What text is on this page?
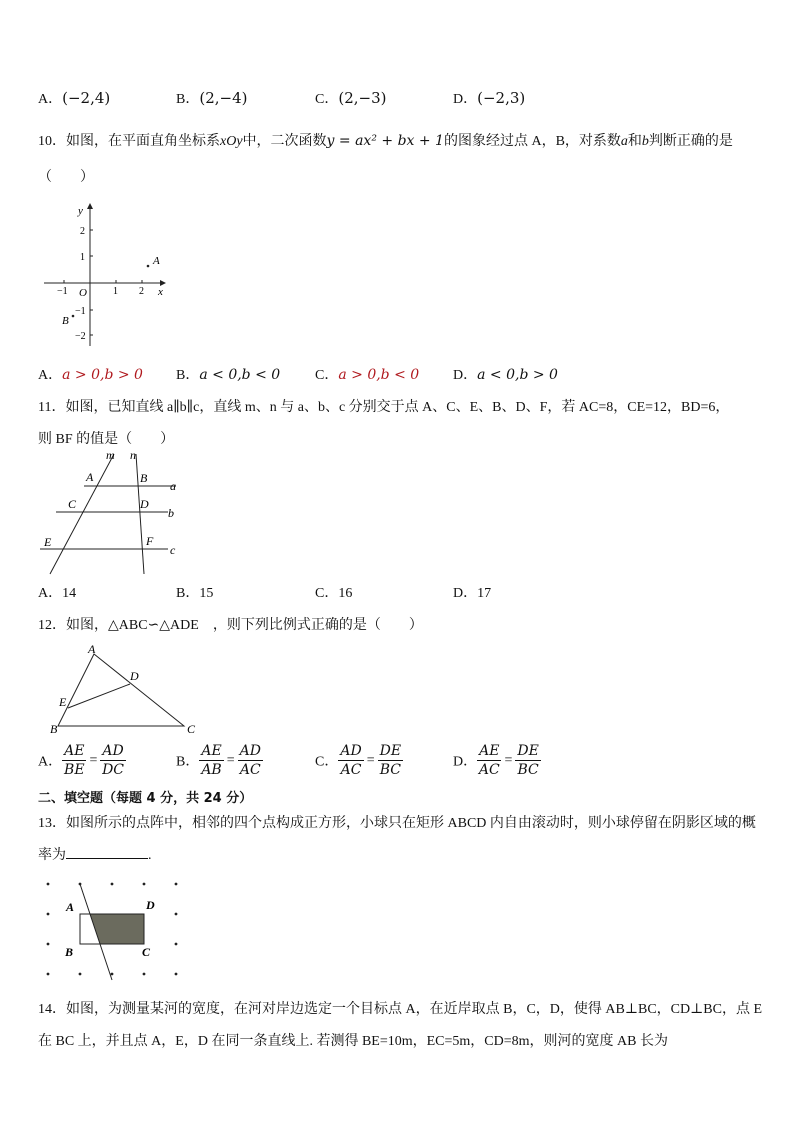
A．(−2,4)	B．(2,−4)	C．(2,−3)	D．(−2,3)
10．如图，在平面直角坐标系xOy中，二次函数y = ax² + bx + 1的图象经过点 A，B，对系数a和b判断正确的是
（　　）
y
x
O
2
1
−1
−2
−1	1 2
A
B
A．a > 0,b > 0 B．a < 0,b < 0 C．a > 0,b < 0 D．a < 0,b > 0
11．如图，已知直线 a∥b∥c，直线 m、n 与 a、b、c 分别交于点 A、C、E、B、D、F，若 AC=8，CE=12，BD=6，
则 BF 的值是（　　）
m n
A	B
C	D
E	F
a
b
c
A．14	B．15	C．16	D．17
12．如图，△ABC∽△ADE　，则下列比例式正确的是（　　）
A
B	C
D
E
A． $\frac{AE}{BE} = \frac{AD}{DC}$	B． $\frac{AE}{AB} = \frac{AD}{AC}$	C． $\frac{AD}{AC} = \frac{DE}{BC}$	D． $\frac{AE}{AC} = \frac{DE}{BC}$
二、填空题（每题 4 分，共 24 分）
13．如图所示的点阵中，相邻的四个点构成正方形，小球只在矩形 ABCD 内自由滚动时，则小球停留在阴影区域的概
率为	.
A	D
B	C
14．如图，为测量某河的宽度，在河对岸边选定一个目标点 A，在近岸取点 B，C，D，使得 AB⊥BC，CD⊥BC，点 E
在 BC 上，并且点 A，E，D 在同一条直线上. 若测得 BE=10m，EC=5m，CD=8m，则河的宽度 AB 长为
